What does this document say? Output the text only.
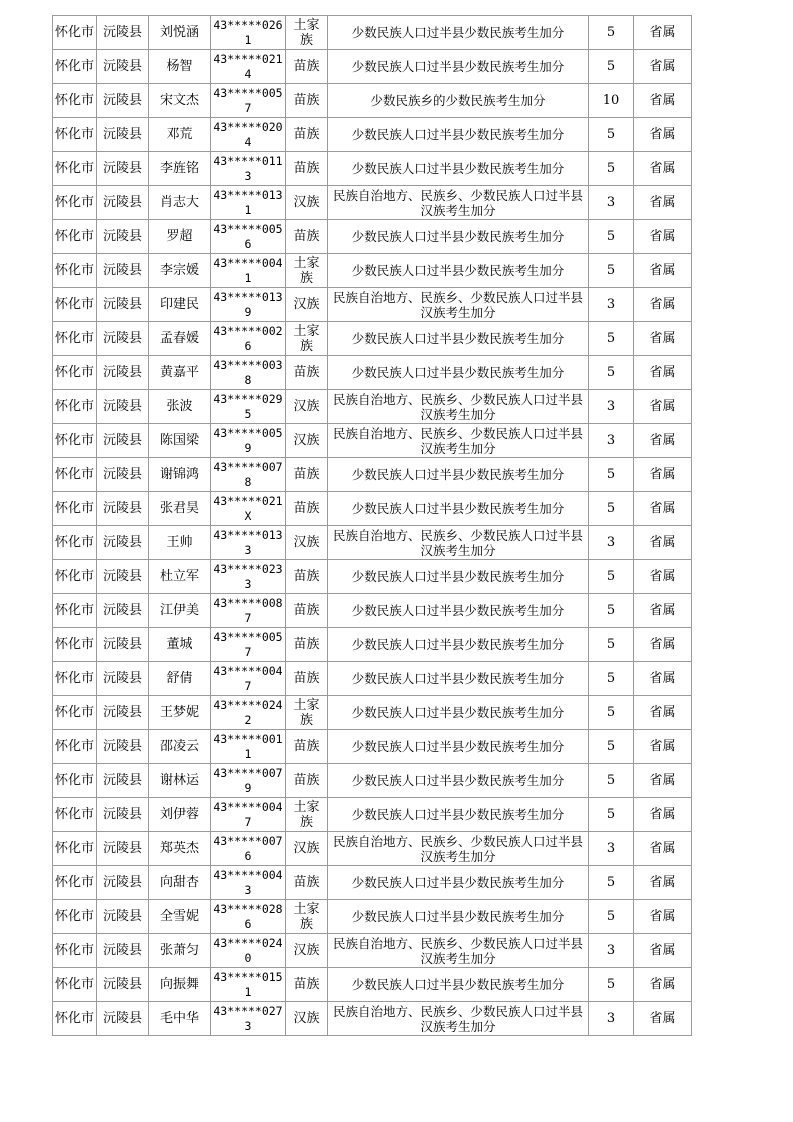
怀化市	沅陵县	刘悦涵	43*****0261	土家族	少数民族人口过半县少数民族考生加分	5	省属
怀化市	沅陵县	杨智	43*****0214	苗族	少数民族人口过半县少数民族考生加分	5	省属
怀化市	沅陵县	宋文杰	43*****0057	苗族	少数民族乡的少数民族考生加分	10	省属
怀化市	沅陵县	邓荒	43*****0204	苗族	少数民族人口过半县少数民族考生加分	5	省属
怀化市	沅陵县	李旌铭	43*****0113	苗族	少数民族人口过半县少数民族考生加分	5	省属
怀化市	沅陵县	肖志大	43*****0131	汉族	民族自治地方、民族乡、少数民族人口过半县汉族考生加分	3	省属
怀化市	沅陵县	罗超	43*****0056	苗族	少数民族人口过半县少数民族考生加分	5	省属
怀化市	沅陵县	李宗媛	43*****0041	土家族	少数民族人口过半县少数民族考生加分	5	省属
怀化市	沅陵县	印建民	43*****0139	汉族	民族自治地方、民族乡、少数民族人口过半县汉族考生加分	3	省属
怀化市	沅陵县	孟春媛	43*****0026	土家族	少数民族人口过半县少数民族考生加分	5	省属
怀化市	沅陵县	黄嘉平	43*****0038	苗族	少数民族人口过半县少数民族考生加分	5	省属
怀化市	沅陵县	张波	43*****0295	汉族	民族自治地方、民族乡、少数民族人口过半县汉族考生加分	3	省属
怀化市	沅陵县	陈国梁	43*****0059	汉族	民族自治地方、民族乡、少数民族人口过半县汉族考生加分	3	省属
怀化市	沅陵县	谢锦鸿	43*****0078	苗族	少数民族人口过半县少数民族考生加分	5	省属
怀化市	沅陵县	张君昊	43*****021X	苗族	少数民族人口过半县少数民族考生加分	5	省属
怀化市	沅陵县	王帅	43*****0133	汉族	民族自治地方、民族乡、少数民族人口过半县汉族考生加分	3	省属
怀化市	沅陵县	杜立军	43*****0233	苗族	少数民族人口过半县少数民族考生加分	5	省属
怀化市	沅陵县	江伊美	43*****0087	苗族	少数民族人口过半县少数民族考生加分	5	省属
怀化市	沅陵县	董城	43*****0057	苗族	少数民族人口过半县少数民族考生加分	5	省属
怀化市	沅陵县	舒倩	43*****0047	苗族	少数民族人口过半县少数民族考生加分	5	省属
怀化市	沅陵县	王梦妮	43*****0242	土家族	少数民族人口过半县少数民族考生加分	5	省属
怀化市	沅陵县	邵凌云	43*****0011	苗族	少数民族人口过半县少数民族考生加分	5	省属
怀化市	沅陵县	谢林运	43*****0079	苗族	少数民族人口过半县少数民族考生加分	5	省属
怀化市	沅陵县	刘伊蓉	43*****0047	土家族	少数民族人口过半县少数民族考生加分	5	省属
怀化市	沅陵县	郑英杰	43*****0076	汉族	民族自治地方、民族乡、少数民族人口过半县汉族考生加分	3	省属
怀化市	沅陵县	向甜杏	43*****0043	苗族	少数民族人口过半县少数民族考生加分	5	省属
怀化市	沅陵县	全雪妮	43*****0286	土家族	少数民族人口过半县少数民族考生加分	5	省属
怀化市	沅陵县	张萧匀	43*****0240	汉族	民族自治地方、民族乡、少数民族人口过半县汉族考生加分	3	省属
怀化市	沅陵县	向振舞	43*****0151	苗族	少数民族人口过半县少数民族考生加分	5	省属
怀化市	沅陵县	毛中华	43*****0273	汉族	民族自治地方、民族乡、少数民族人口过半县汉族考生加分	3	省属
